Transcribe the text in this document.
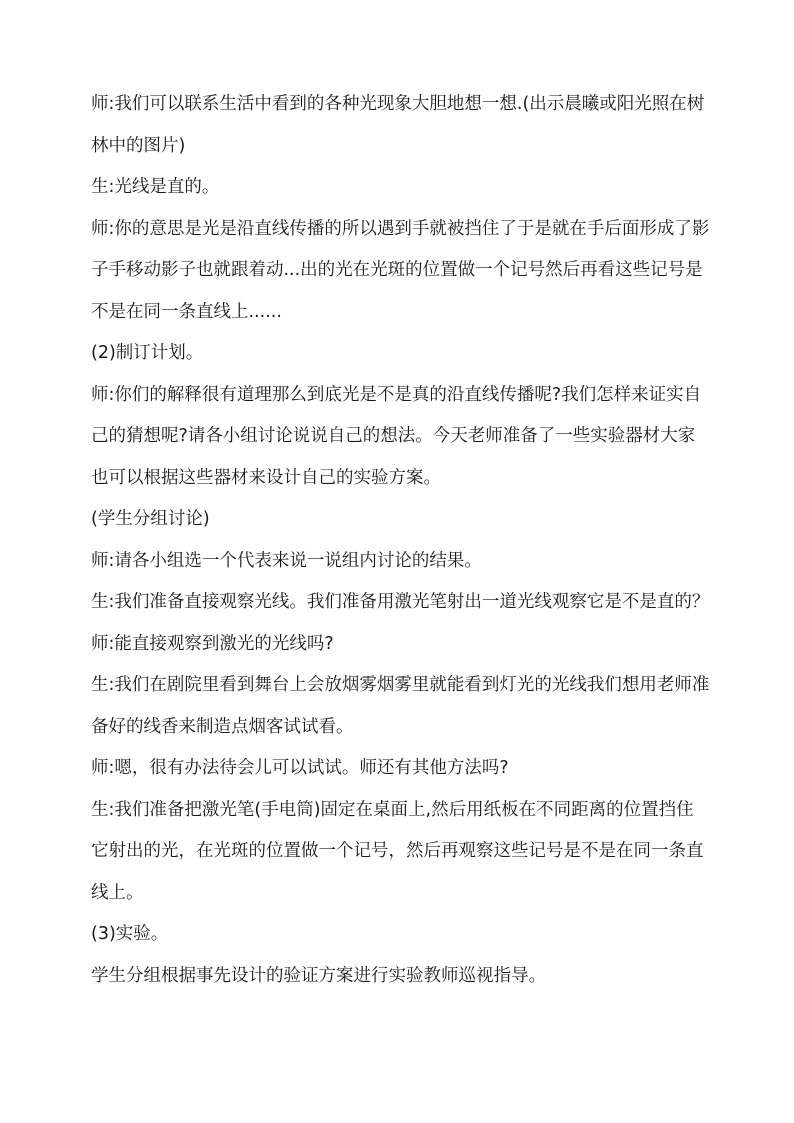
师:我们可以联系生活中看到的各种光现象大胆地想一想.(出示晨曦或阳光照在树林中的图片)

生:光线是直的。

师:你的意思是光是沿直线传播的所以遇到手就被挡住了于是就在手后面形成了影子手移动影子也就跟着动...出的光在光斑的位置做一个记号然后再看这些记号是不是在同一条直线上......

(2)制订计划。

师:你们的解释很有道理那么到底光是不是真的沿直线传播呢?我们怎样来证实自己的猜想呢?请各小组讨论说说自己的想法。今天老师准备了一些实验器材大家也可以根据这些器材来设计自己的实验方案。

(学生分组讨论)

师:请各小组选一个代表来说一说组内讨论的结果。

生:我们准备直接观察光线。我们准备用激光笔射出一道光线观察它是不是直的？

师:能直接观察到激光的光线吗?

生:我们在剧院里看到舞台上会放烟雾烟雾里就能看到灯光的光线我们想用老师准备好的线香来制造点烟客试试看。

师:嗯，很有办法待会儿可以试试。师还有其他方法吗?

生:我们准备把激光笔(手电筒)固定在桌面上,然后用纸板在不同距离的位置挡住它射出的光，在光斑的位置做一个记号，然后再观察这些记号是不是在同一条直线上。

(3)实验。

学生分组根据事先设计的验证方案进行实验教师巡视指导。
